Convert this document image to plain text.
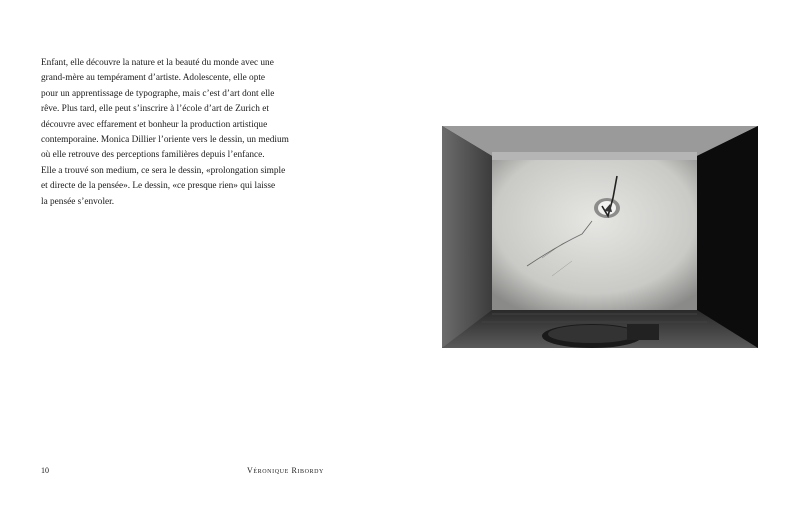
Enfant, elle découvre la nature et la beauté du monde avec une
grand-mère au tempérament d’artiste. Adolescente, elle opte
pour un apprentissage de typographe, mais c’est d’art dont elle
rêve. Plus tard, elle peut s’inscrire à l’école d’art de Zurich et
découvre avec effarement et bonheur la production artistique
contemporaine. Monica Dillier l’oriente vers le dessin, un medium
où elle retrouve des perceptions familières depuis l’enfance.
Elle a trouvé son medium, ce sera le dessin, «prolongation simple
et directe de la pensée». Le dessin, «ce presque rien» qui laisse
la pensée s’envoler.

10	Véronique Ribordy
